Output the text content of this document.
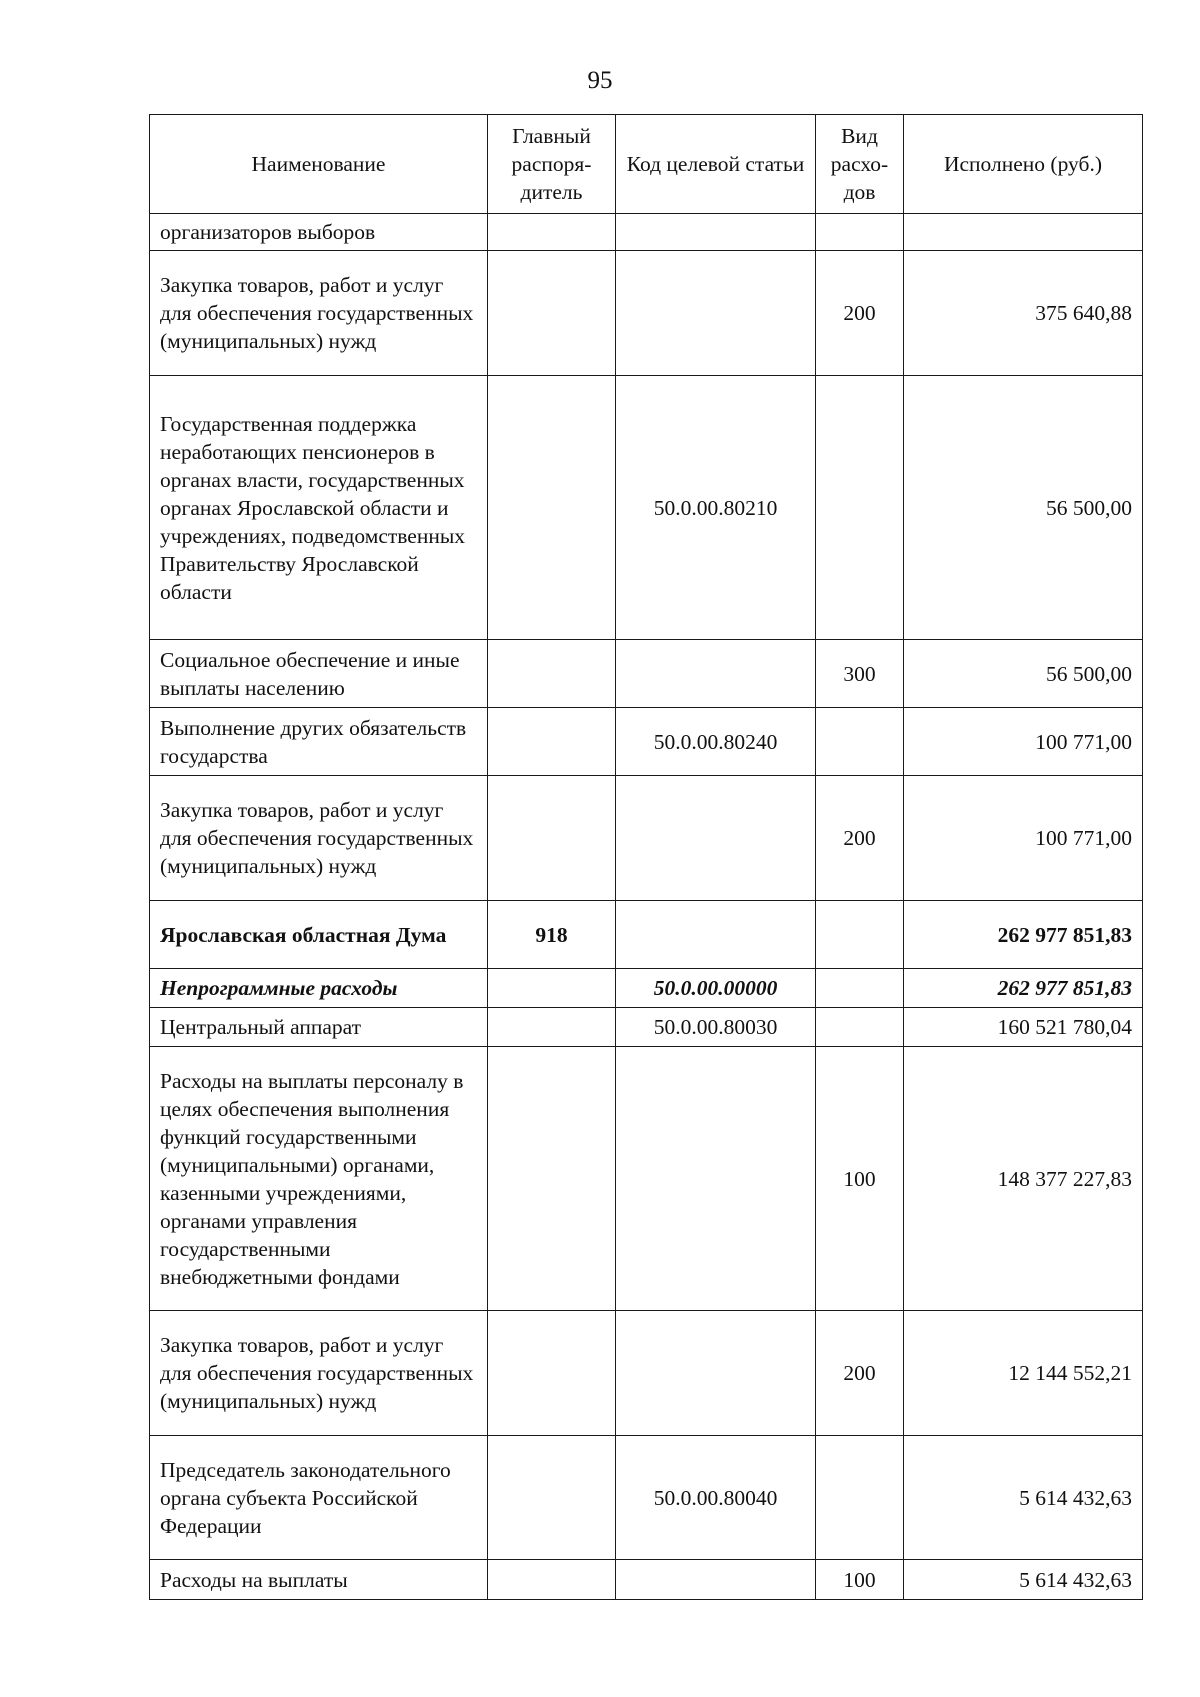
95
Наименование	Главный распоря-дитель	Код целевой статьи	Вид расхо-дов	Исполнено (руб.)
организаторов выборов				
Закупка товаров, работ и услуг для обеспечения государственных (муниципальных) нужд			200	375 640,88
Государственная поддержка неработающих пенсионеров в органах власти, государственных органах Ярославской области и учреждениях, подведомственных Правительству Ярославской области		50.0.00.80210		56 500,00
Социальное обеспечение и иные выплаты населению			300	56 500,00
Выполнение других обязательств государства		50.0.00.80240		100 771,00
Закупка товаров, работ и услуг для обеспечения государственных (муниципальных) нужд			200	100 771,00
Ярославская областная Дума	918			262 977 851,83
Непрограммные расходы		50.0.00.00000		262 977 851,83
Центральный аппарат		50.0.00.80030		160 521 780,04
Расходы на выплаты персоналу в целях обеспечения выполнения функций государственными (муниципальными) органами, казенными учреждениями, органами управления государственными внебюджетными фондами			100	148 377 227,83
Закупка товаров, работ и услуг для обеспечения государственных (муниципальных) нужд			200	12 144 552,21
Председатель законодательного органа субъекта Российской Федерации		50.0.00.80040		5 614 432,63
Расходы на выплаты			100	5 614 432,63
